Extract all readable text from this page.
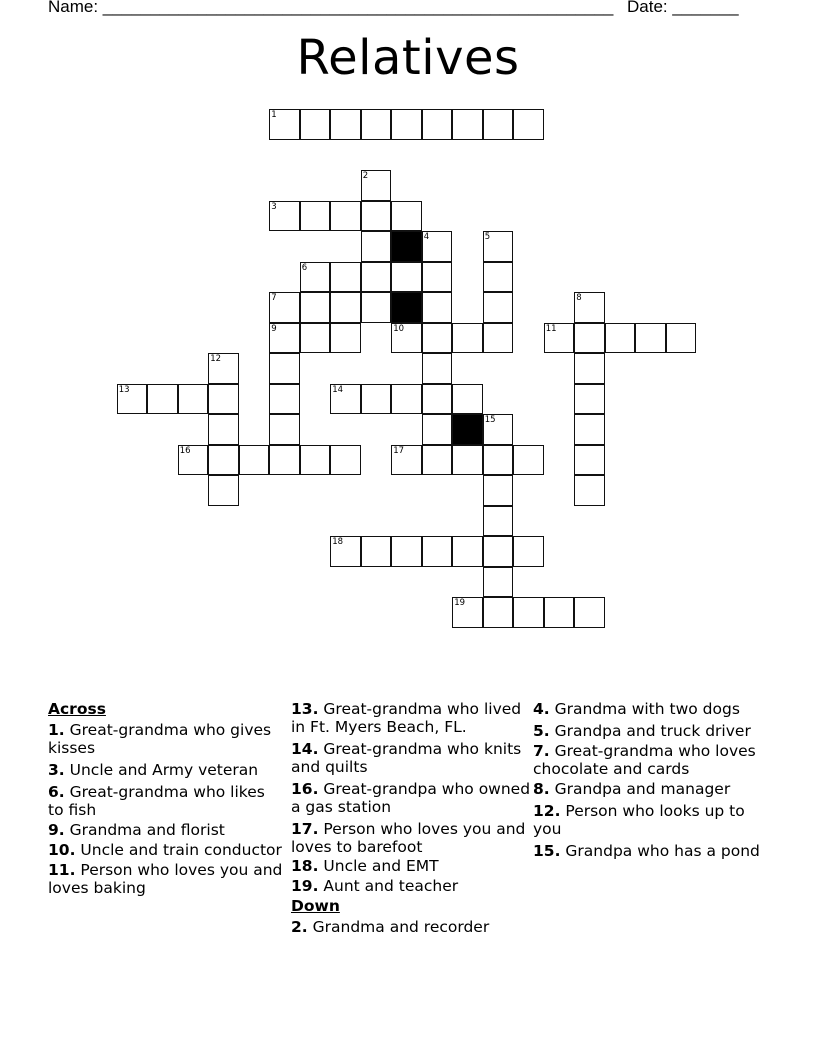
Name: ______________________________________________________ Date: _______
Relatives
1
2
3
4	5
6
7	8
9	10	11
12
13	14
15
16	17
18
19
Across
1. Great-grandma who gives kisses
3. Uncle and Army veteran
6. Great-grandma who likes to fish
9. Grandma and florist
10. Uncle and train conductor
11. Person who loves you and loves baking
13. Great-grandma who lived in Ft. Myers Beach, FL.
14. Great-grandma who knits and quilts
16. Great-grandpa who owned a gas station
17. Person who loves you and loves to barefoot
18. Uncle and EMT
19. Aunt and teacher
Down
2. Grandma and recorder
4. Grandma with two dogs
5. Grandpa and truck driver
7. Great-grandma who loves chocolate and cards
8. Grandpa and manager
12. Person who looks up to you
15. Grandpa who has a pond
